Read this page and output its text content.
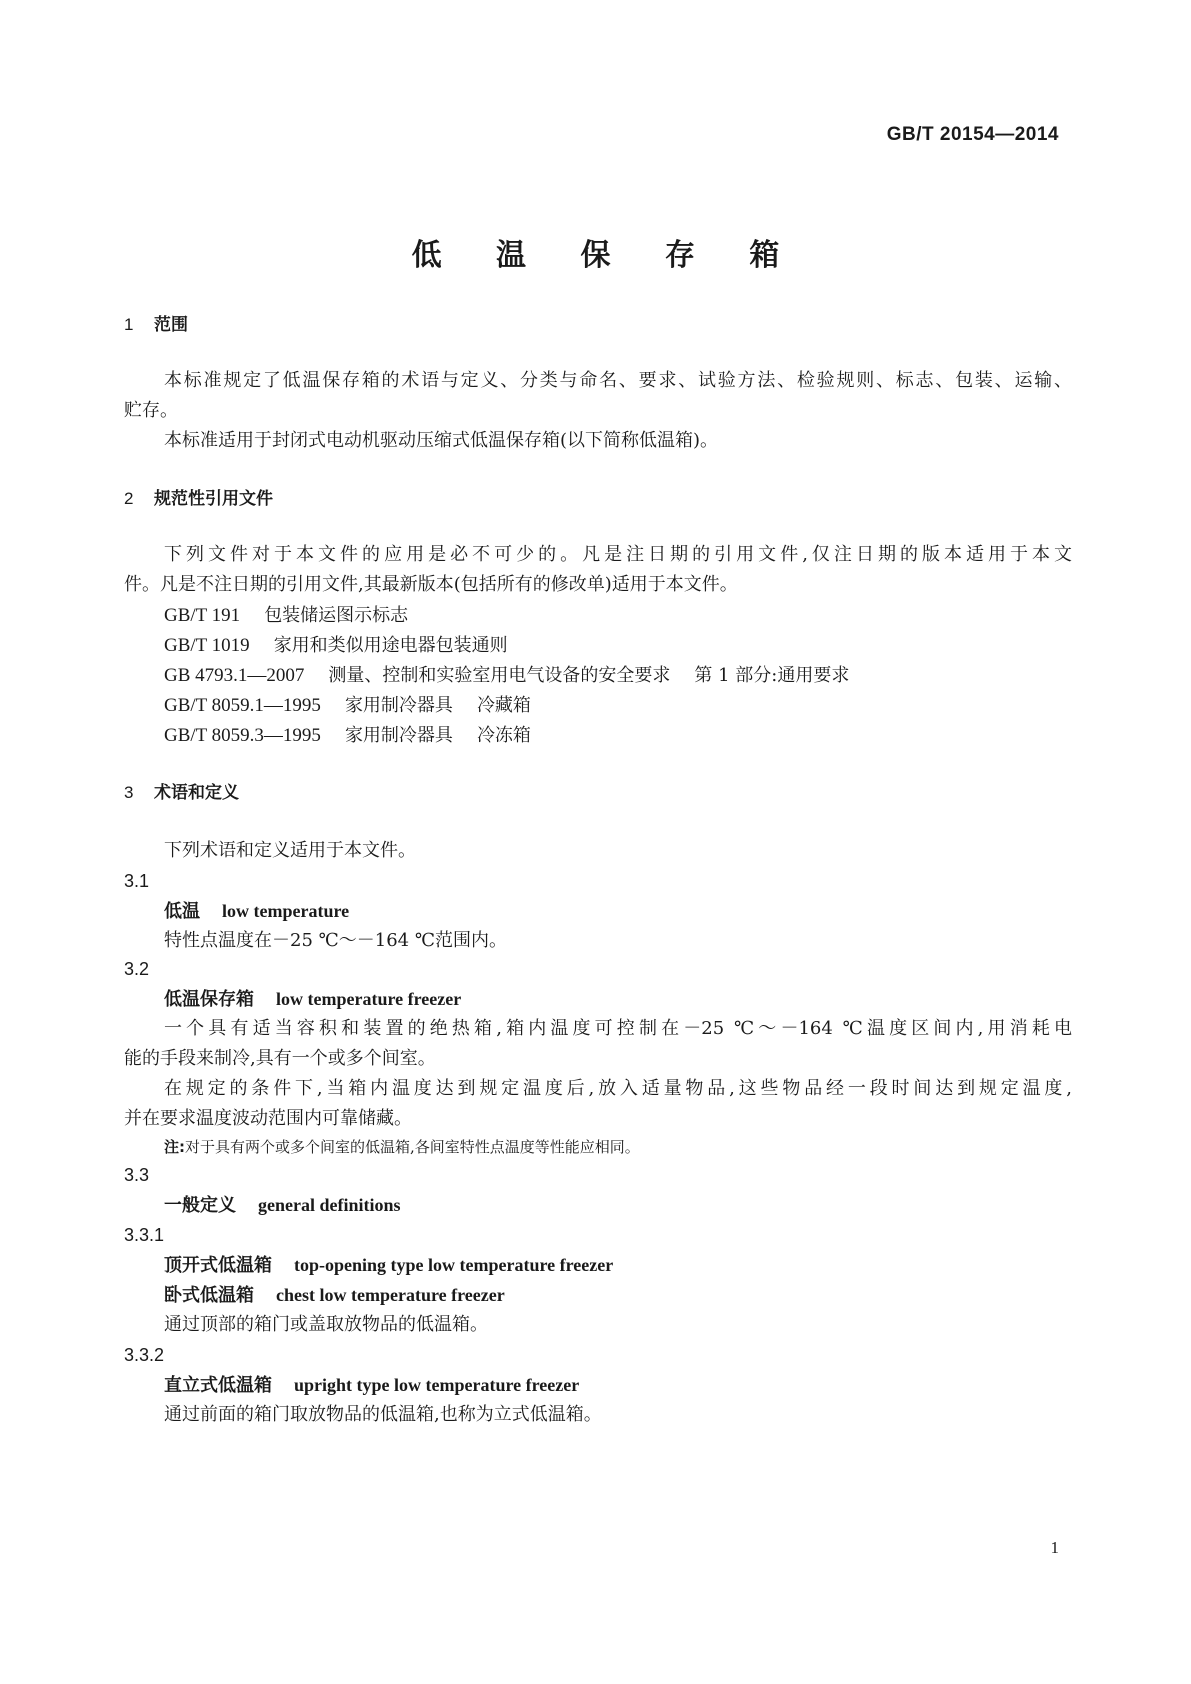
GB/T 20154—2014
低 温 保 存 箱
1 范围
本标准规定了低温保存箱的术语与定义、分类与命名、要求、试验方法、检验规则、标志、包装、运输、
贮存。
本标准适用于封闭式电动机驱动压缩式低温保存箱(以下简称低温箱)。
2 规范性引用文件
下列文件对于本文件的应用是必不可少的。凡是注日期的引用文件,仅注日期的版本适用于本文
件。凡是不注日期的引用文件,其最新版本(包括所有的修改单)适用于本文件。
GB/T 191 包装储运图示标志
GB/T 1019 家用和类似用途电器包装通则
GB 4793.1—2007 测量、控制和实验室用电气设备的安全要求 第 1 部分:通用要求
GB/T 8059.1—1995 家用制冷器具 冷藏箱
GB/T 8059.3—1995 家用制冷器具 冷冻箱
3 术语和定义
下列术语和定义适用于本文件。
3.1
低温 low temperature
特性点温度在－25 ℃～－164 ℃范围内。
3.2
低温保存箱 low temperature freezer
一个具有适当容积和装置的绝热箱,箱内温度可控制在－25 ℃～－164 ℃温度区间内,用消耗电
能的手段来制冷,具有一个或多个间室。
在规定的条件下,当箱内温度达到规定温度后,放入适量物品,这些物品经一段时间达到规定温度,
并在要求温度波动范围内可靠储藏。
注:对于具有两个或多个间室的低温箱,各间室特性点温度等性能应相同。
3.3
一般定义 general definitions
3.3.1
顶开式低温箱 top-opening type low temperature freezer
卧式低温箱 chest low temperature freezer
通过顶部的箱门或盖取放物品的低温箱。
3.3.2
直立式低温箱 upright type low temperature freezer
通过前面的箱门取放物品的低温箱,也称为立式低温箱。
1
